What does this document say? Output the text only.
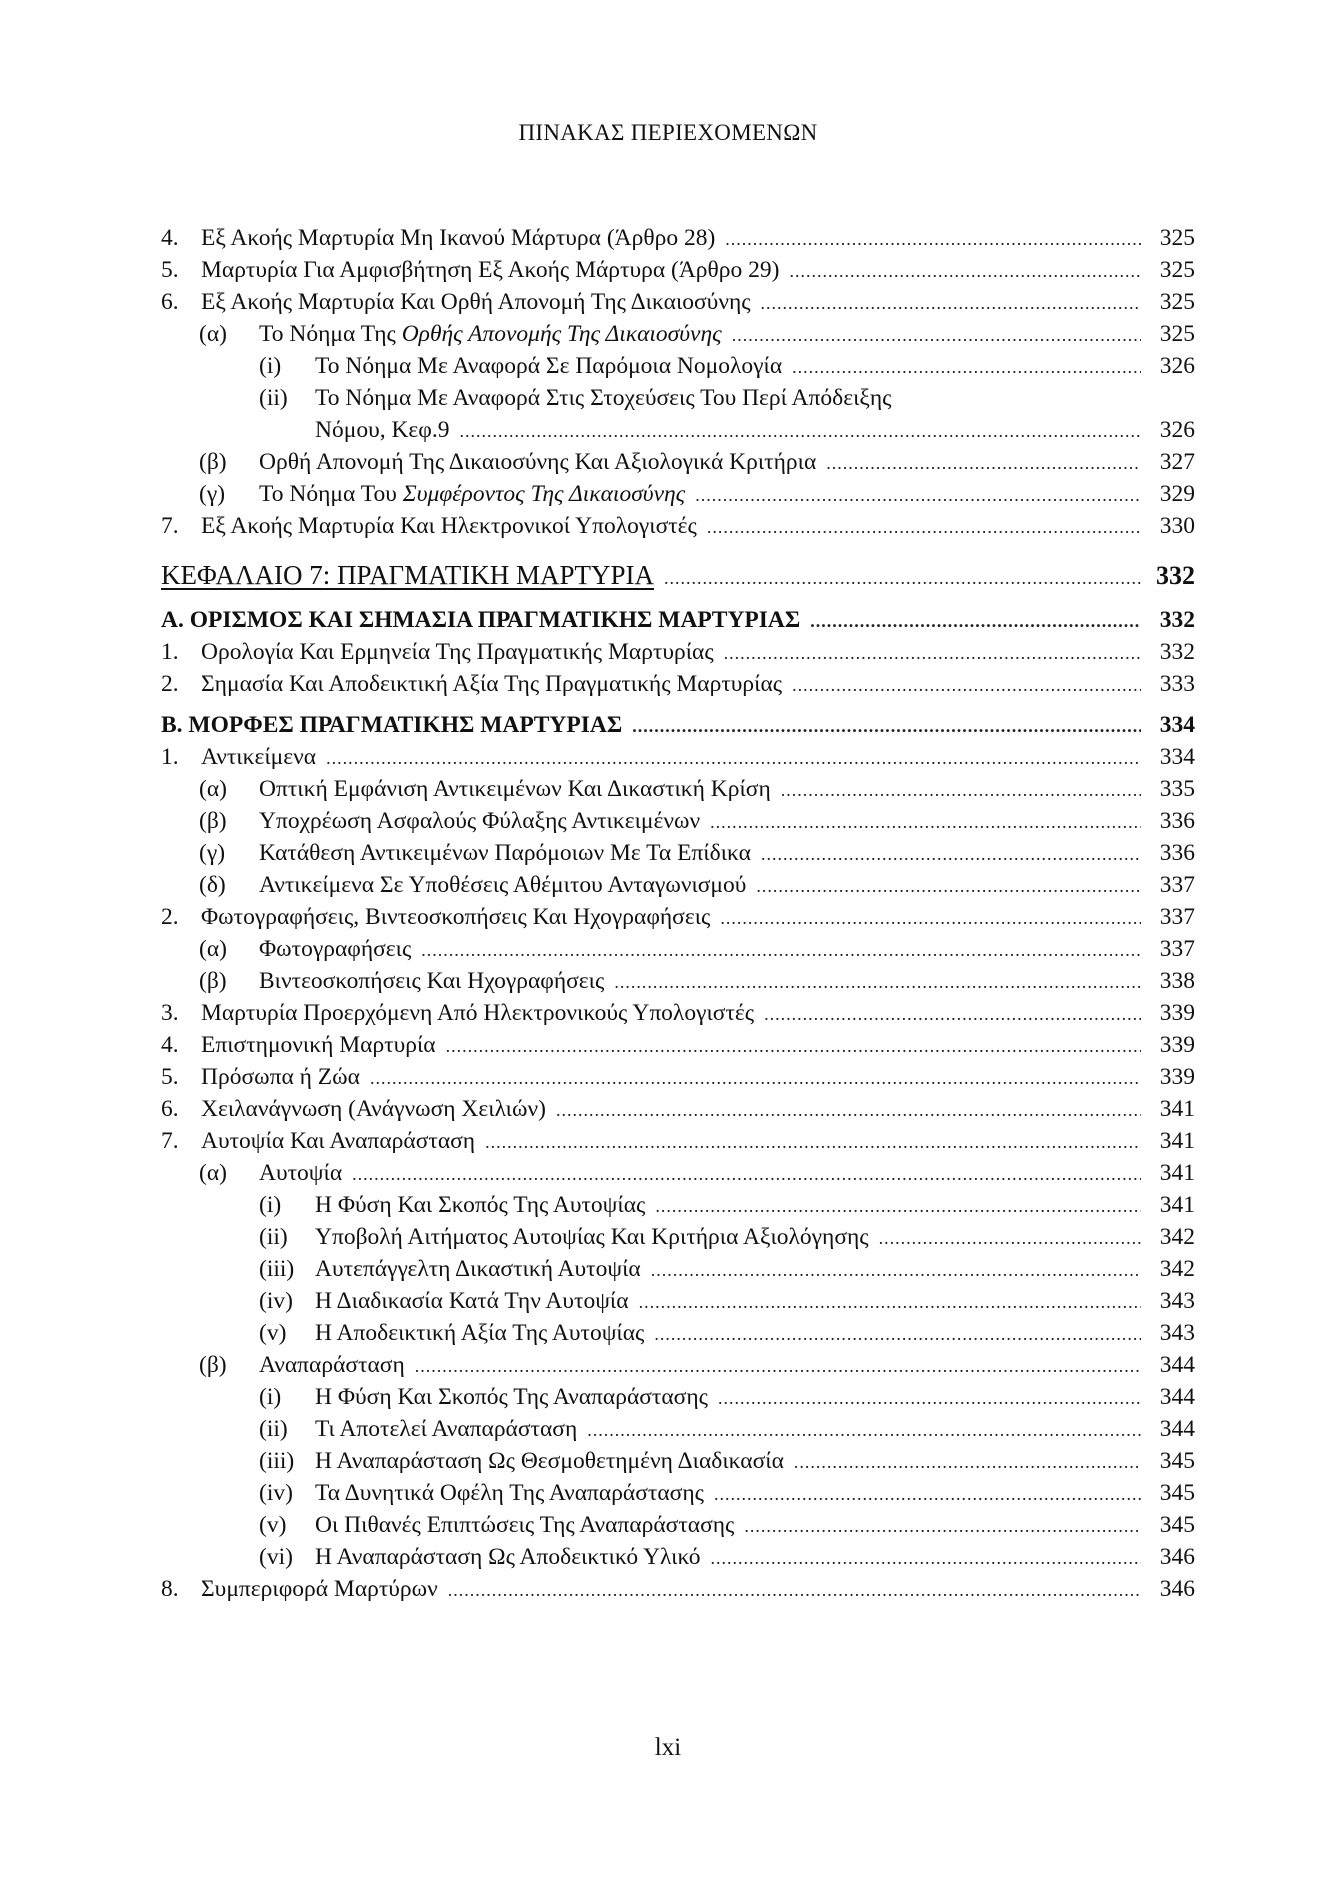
ΠΙΝΑΚΑΣ ΠΕΡΙΕΧΟΜΕΝΩΝ
4. Εξ Ακοής Μαρτυρία Μη Ικανού Μάρτυρα (Άρθρο 28) .....	325
5. Μαρτυρία Για Αμφισβήτηση Εξ Ακοής Μάρτυρα (Άρθρο 29) .....	325
6. Εξ Ακοής Μαρτυρία Και Ορθή Απονομή Της Δικαιοσύνης .....	325
(α)	Το Νόημα Της Ορθής Απονομής Της Δικαιοσύνης .....	325
(i)	Το Νόημα Με Αναφορά Σε Παρόμοια Νομολογία .....	326
(ii)	Το Νόημα Με Αναφορά Στις Στοχεύσεις Του Περί Απόδειξης
Νόμου, Κεφ.9 .....	326
(β)	Ορθή Απονομή Της Δικαιοσύνης Και Αξιολογικά Κριτήρια .....	327
(γ)	Το Νόημα Του Συμφέροντος Της Δικαιοσύνης .....	329
7. Εξ Ακοής Μαρτυρία Και Ηλεκτρονικοί Υπολογιστές .....	330
ΚΕΦΑΛΑΙΟ 7: ΠΡΑΓΜΑΤΙΚΗ ΜΑΡΤΥΡΙΑ .....	332
Α. ΟΡΙΣΜΟΣ ΚΑΙ ΣΗΜΑΣΙΑ ΠΡΑΓΜΑΤΙΚΗΣ ΜΑΡΤΥΡΙΑΣ .....	332
1. Ορολογία Και Ερμηνεία Της Πραγματικής Μαρτυρίας .....	332
2. Σημασία Και Αποδεικτική Αξία Της Πραγματικής Μαρτυρίας .....	333
Β. ΜΟΡΦΕΣ ΠΡΑΓΜΑΤΙΚΗΣ ΜΑΡΤΥΡΙΑΣ .....	334
1. Αντικείμενα .....	334
(α)	Οπτική Εμφάνιση Αντικειμένων Και Δικαστική Κρίση .....	335
(β)	Υποχρέωση Ασφαλούς Φύλαξης Αντικειμένων .....	336
(γ)	Κατάθεση Αντικειμένων Παρόμοιων Με Τα Επίδικα .....	336
(δ)	Αντικείμενα Σε Υποθέσεις Αθέμιτου Ανταγωνισμού .....	337
2. Φωτογραφήσεις, Βιντεοσκοπήσεις Και Ηχογραφήσεις .....	337
(α)	Φωτογραφήσεις .....	337
(β)	Βιντεοσκοπήσεις Και Ηχογραφήσεις .....	338
3. Μαρτυρία Προερχόμενη Από Ηλεκτρονικούς Υπολογιστές .....	339
4. Επιστημονική Μαρτυρία .....	339
5. Πρόσωπα ή Ζώα .....	339
6. Χειλανάγνωση (Ανάγνωση Χειλιών) .....	341
7. Αυτοψία Και Αναπαράσταση .....	341
(α)	Αυτοψία .....	341
(i)	Η Φύση Και Σκοπός Της Αυτοψίας .....	341
(ii)	Υποβολή Αιτήματος Αυτοψίας Και Κριτήρια Αξιολόγησης .....	342
(iii) Αυτεπάγγελτη Δικαστική Αυτοψία .....	342
(iv) Η Διαδικασία Κατά Την Αυτοψία .....	343
(v)	Η Αποδεικτική Αξία Της Αυτοψίας .....	343
(β)	Αναπαράσταση .....	344
(i)	Η Φύση Και Σκοπός Της Αναπαράστασης .....	344
(ii)	Τι Αποτελεί Αναπαράσταση .....	344
(iii) Η Αναπαράσταση Ως Θεσμοθετημένη Διαδικασία .....	345
(iv) Τα Δυνητικά Οφέλη Της Αναπαράστασης .....	345
(v)	Οι Πιθανές Επιπτώσεις Της Αναπαράστασης .....	345
(vi) Η Αναπαράσταση Ως Αποδεικτικό Υλικό .....	346
8. Συμπεριφορά Μαρτύρων .....	346
lxi
